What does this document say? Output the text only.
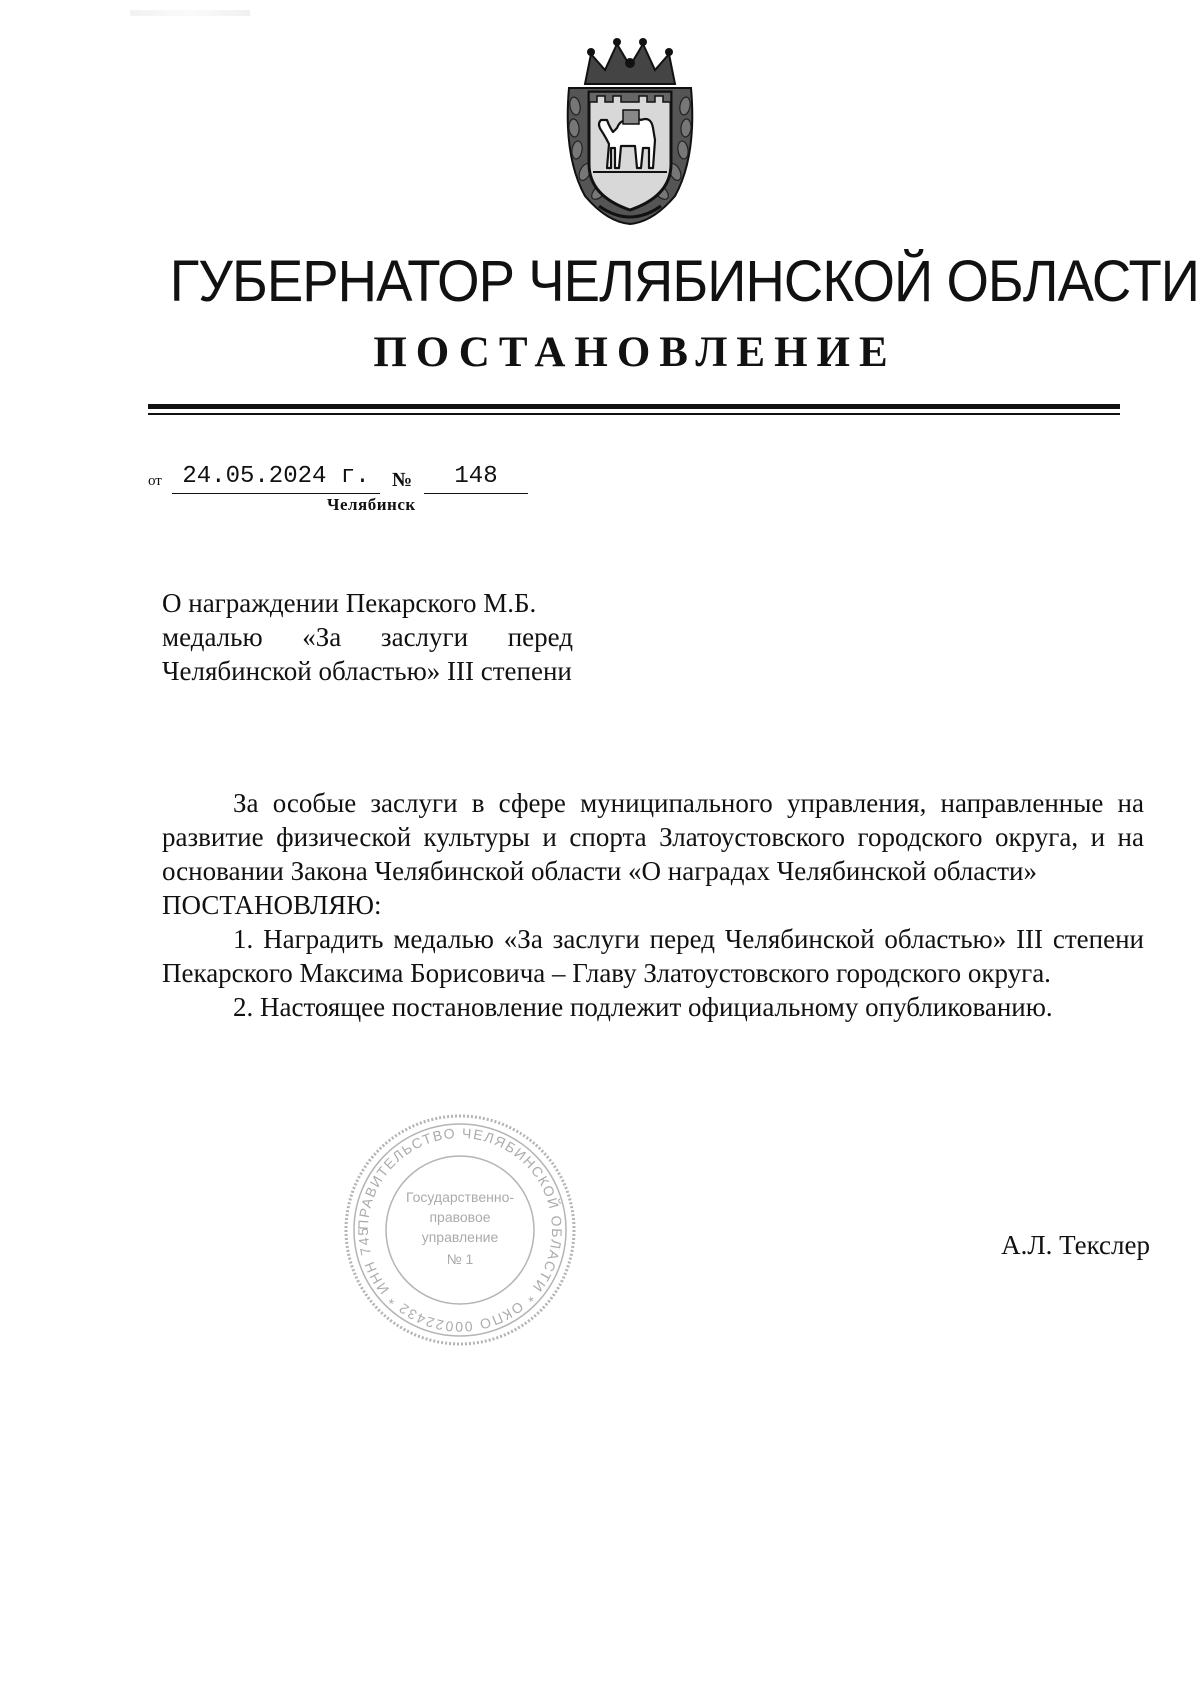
ГУБЕРНАТОР ЧЕЛЯБИНСКОЙ ОБЛАСТИ
ПОСТАНОВЛЕНИЕ
от 24.05.2024 г.	№	148
Челябинск

О награждении Пекарского М.Б.

медалью «За заслуги перед

Челябинской областью» III степени

За особые заслуги в сфере муниципального управления, направленные на развитие физической культуры и спорта Златоустовского городского округа, и на основании Закона Челябинской области «О наградах Челябинской области»

ПОСТАНОВЛЯЮ:

1. Наградить медалью «За заслуги перед Челябинской областью» III степени Пекарского Максима Борисовича – Главу Златоустовского городского округа.

2. Настоящее постановление подлежит официальному опубликованию.

ПРАВИТЕЛЬСТВО ЧЕЛЯБИНСКОЙ ОБЛАСТИ * ОКПО 00022432 * ИНН 745
Государственно-
правовое
управление
№ 1	А.Л. Текслер
